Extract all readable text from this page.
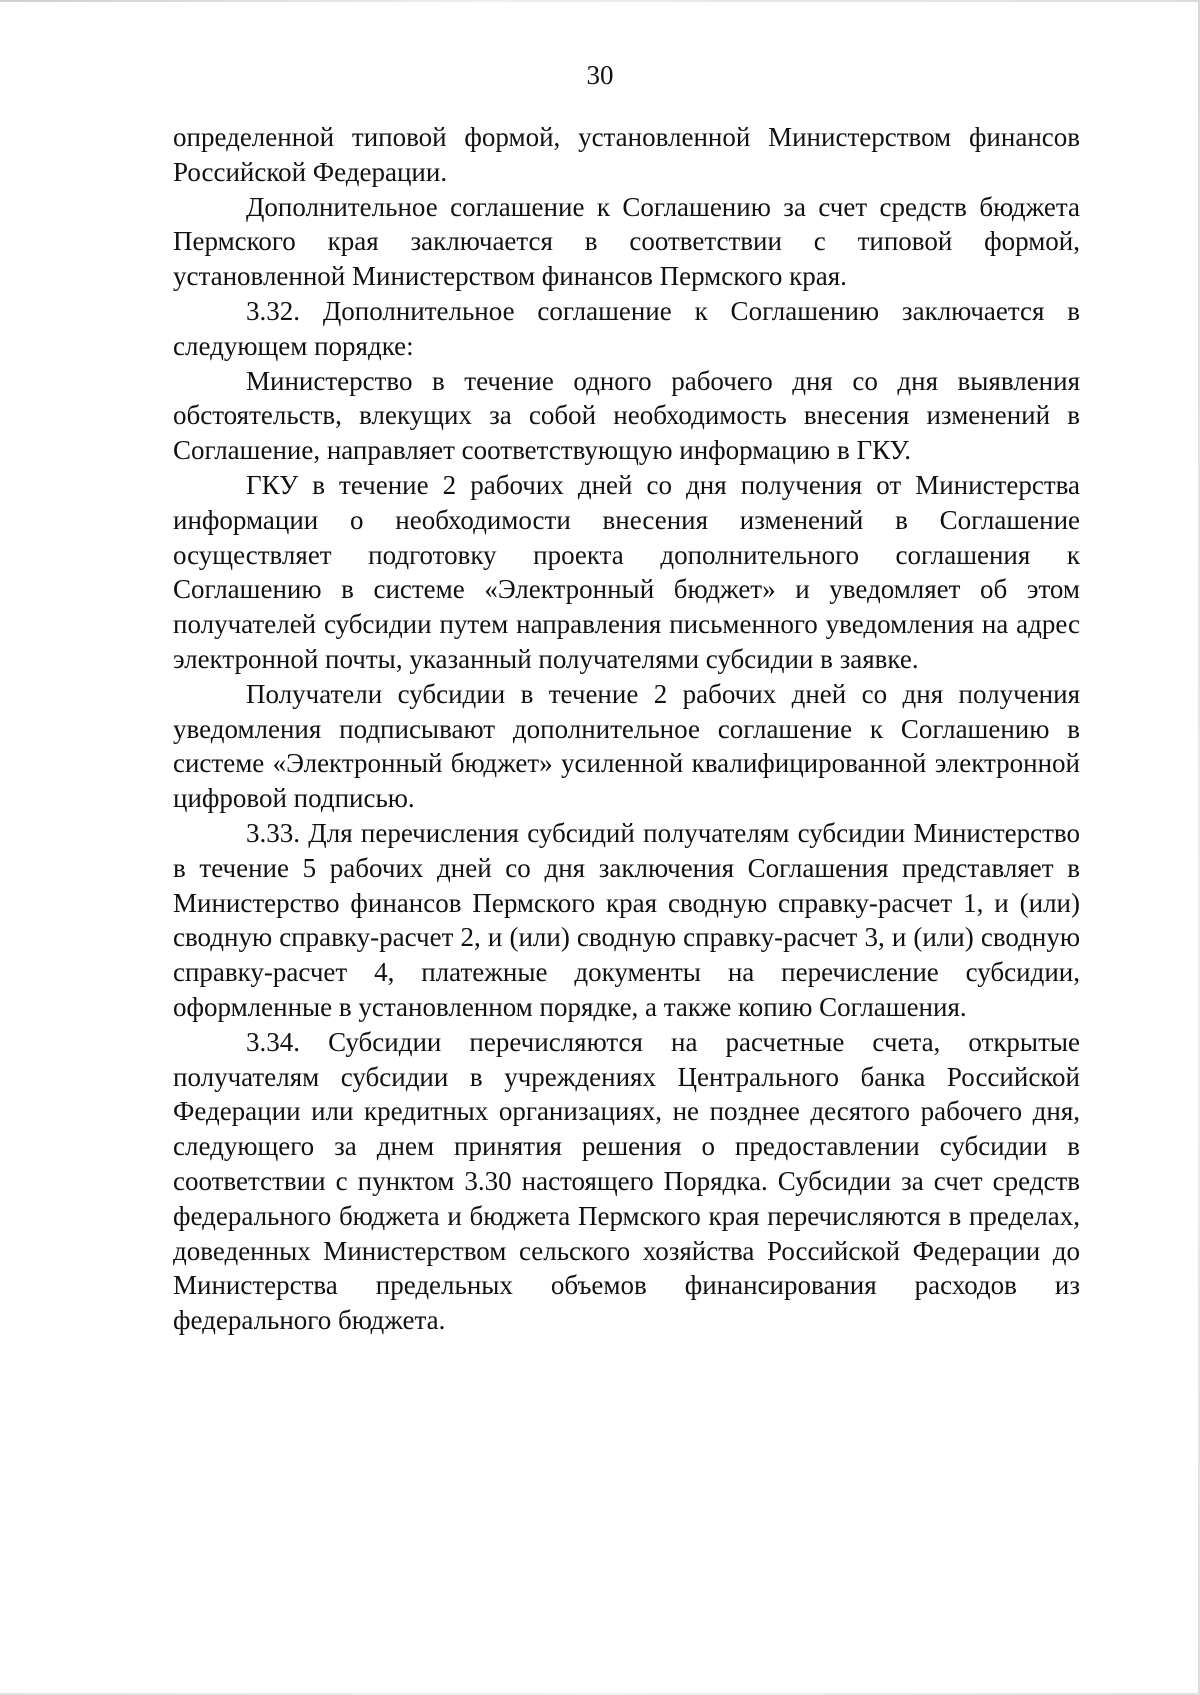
30

определенной типовой формой, установленной Министерством финансов Российской Федерации.

Дополнительное соглашение к Соглашению за счет средств бюджета Пермского края заключается в соответствии с типовой формой, установленной Министерством финансов Пермского края.

3.32. Дополнительное соглашение к Соглашению заключается в следующем порядке:

Министерство в течение одного рабочего дня со дня выявления обстоятельств, влекущих за собой необходимость внесения изменений в Соглашение, направляет соответствующую информацию в ГКУ.

ГКУ в течение 2 рабочих дней со дня получения от Министерства информации о необходимости внесения изменений в Соглашение осуществляет подготовку проекта дополнительного соглашения к Соглашению в системе «Электронный бюджет» и уведомляет об этом получателей субсидии путем направления письменного уведомления на адрес электронной почты, указанный получателями субсидии в заявке.

Получатели субсидии в течение 2 рабочих дней со дня получения уведомления подписывают дополнительное соглашение к Соглашению в системе «Электронный бюджет» усиленной квалифицированной электронной цифровой подписью.

3.33. Для перечисления субсидий получателям субсидии Министерство в течение 5 рабочих дней со дня заключения Соглашения представляет в Министерство финансов Пермского края сводную справку-расчет 1, и (или) сводную справку-расчет 2, и (или) сводную справку-расчет 3, и (или) сводную справку-расчет 4, платежные документы на перечисление субсидии, оформленные в установленном порядке, а также копию Соглашения.

3.34. Субсидии перечисляются на расчетные счета, открытые получателям субсидии в учреждениях Центрального банка Российской Федерации или кредитных организациях, не позднее десятого рабочего дня, следующего за днем принятия решения о предоставлении субсидии в соответствии с пунктом 3.30 настоящего Порядка. Субсидии за счет средств федерального бюджета и бюджета Пермского края перечисляются в пределах, доведенных Министерством сельского хозяйства Российской Федерации до Министерства предельных объемов финансирования расходов из федерального бюджета.
